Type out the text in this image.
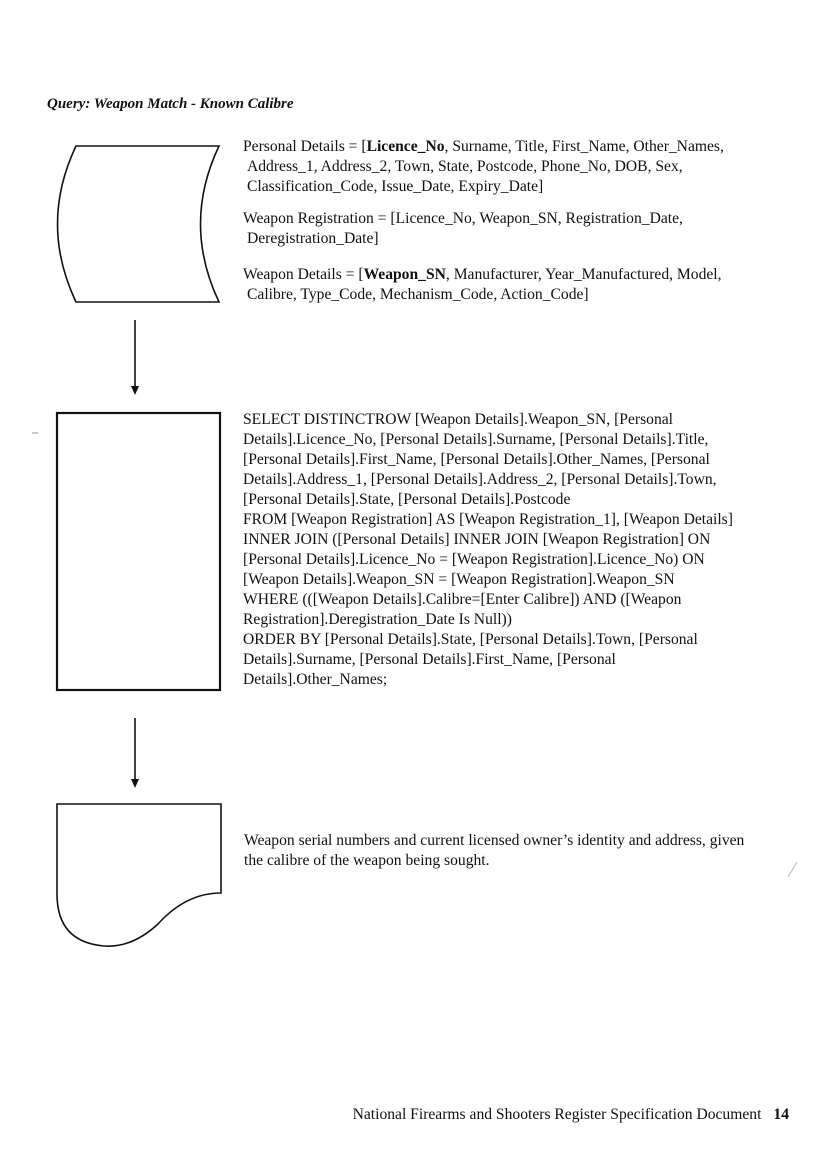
Query: Weapon Match - Known Calibre

Personal Details = [Licence_No, Surname, Title, First_Name, Other_Names,
Address_1, Address_2, Town, State, Postcode, Phone_No, DOB, Sex,
Classification_Code, Issue_Date, Expiry_Date]

Weapon Registration = [Licence_No, Weapon_SN, Registration_Date,
Deregistration_Date]

Weapon Details = [Weapon_SN, Manufacturer, Year_Manufactured, Model,
Calibre, Type_Code, Mechanism_Code, Action_Code]

SELECT DISTINCTROW [Weapon Details].Weapon_SN, [Personal
Details].Licence_No, [Personal Details].Surname, [Personal Details].Title,
[Personal Details].First_Name, [Personal Details].Other_Names, [Personal
Details].Address_1, [Personal Details].Address_2, [Personal Details].Town,
[Personal Details].State, [Personal Details].Postcode
FROM [Weapon Registration] AS [Weapon Registration_1], [Weapon Details]
INNER JOIN ([Personal Details] INNER JOIN [Weapon Registration] ON
[Personal Details].Licence_No = [Weapon Registration].Licence_No) ON
[Weapon Details].Weapon_SN = [Weapon Registration].Weapon_SN
WHERE (([Weapon Details].Calibre=[Enter Calibre]) AND ([Weapon
Registration].Deregistration_Date Is Null))
ORDER BY [Personal Details].State, [Personal Details].Town, [Personal
Details].Surname, [Personal Details].First_Name, [Personal
Details].Other_Names;
Weapon serial numbers and current licensed owner’s identity and address, given
the calibre of the weapon being sought.
National Firearms and Shooters Register Specification Document 14
